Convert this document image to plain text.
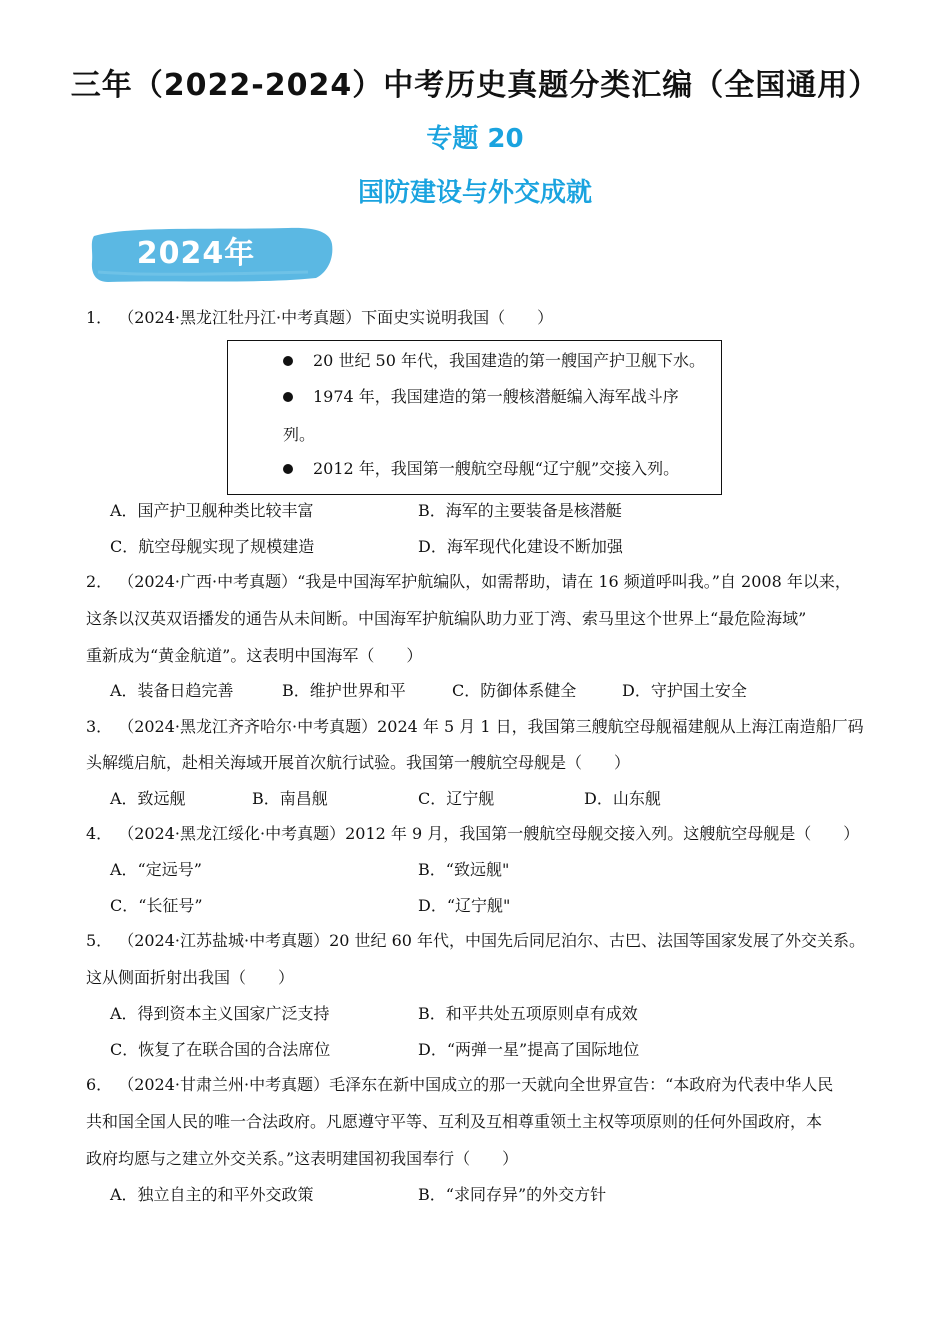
三年（2022-2024）中考历史真题分类汇编（全国通用）
专题 20
国防建设与外交成就
2024年
1． （2024·黑龙江牡丹江·中考真题）下面史实说明我国（　　）
20 世纪 50 年代，我国建造的第一艘国产护卫舰下水。
1974 年，我国建造的第一艘核潜艇编入海军战斗序
列。
2012 年，我国第一艘航空母舰“辽宁舰”交接入列。
A．国产护卫舰种类比较丰富	B．海军的主要装备是核潜艇
C．航空母舰实现了规模建造	D．海军现代化建设不断加强
2． （2024·广西·中考真题）“我是中国海军护航编队，如需帮助，请在 16 频道呼叫我。”自 2008 年以来，
这条以汉英双语播发的通告从未间断。中国海军护航编队助力亚丁湾、索马里这个世界上“最危险海域”
重新成为“黄金航道”。这表明中国海军（　　）
A．装备日趋完善	B．维护世界和平	C．防御体系健全	D．守护国土安全
3． （2024·黑龙江齐齐哈尔·中考真题）2024 年 5 月 1 日，我国第三艘航空母舰福建舰从上海江南造船厂码
头解缆启航，赴相关海域开展首次航行试验。我国第一艘航空母舰是（　　）
A．致远舰	B．南昌舰	C．辽宁舰	D．山东舰
4． （2024·黑龙江绥化·中考真题）2012 年 9 月，我国第一艘航空母舰交接入列。这艘航空母舰是（　　）
A．“定远号”	B．“致远舰"
C．“长征号”	D．“辽宁舰"
5． （2024·江苏盐城·中考真题）20 世纪 60 年代，中国先后同尼泊尔、古巴、法国等国家发展了外交关系。
这从侧面折射出我国（　　）
A．得到资本主义国家广泛支持	B．和平共处五项原则卓有成效
C．恢复了在联合国的合法席位	D．“两弹一星”提高了国际地位
6． （2024·甘肃兰州·中考真题）毛泽东在新中国成立的那一天就向全世界宣告：“本政府为代表中华人民
共和国全国人民的唯一合法政府。凡愿遵守平等、互利及互相尊重领土主权等项原则的任何外国政府，本
政府均愿与之建立外交关系。”这表明建国初我国奉行（　　）
A．独立自主的和平外交政策	B．“求同存异”的外交方针
